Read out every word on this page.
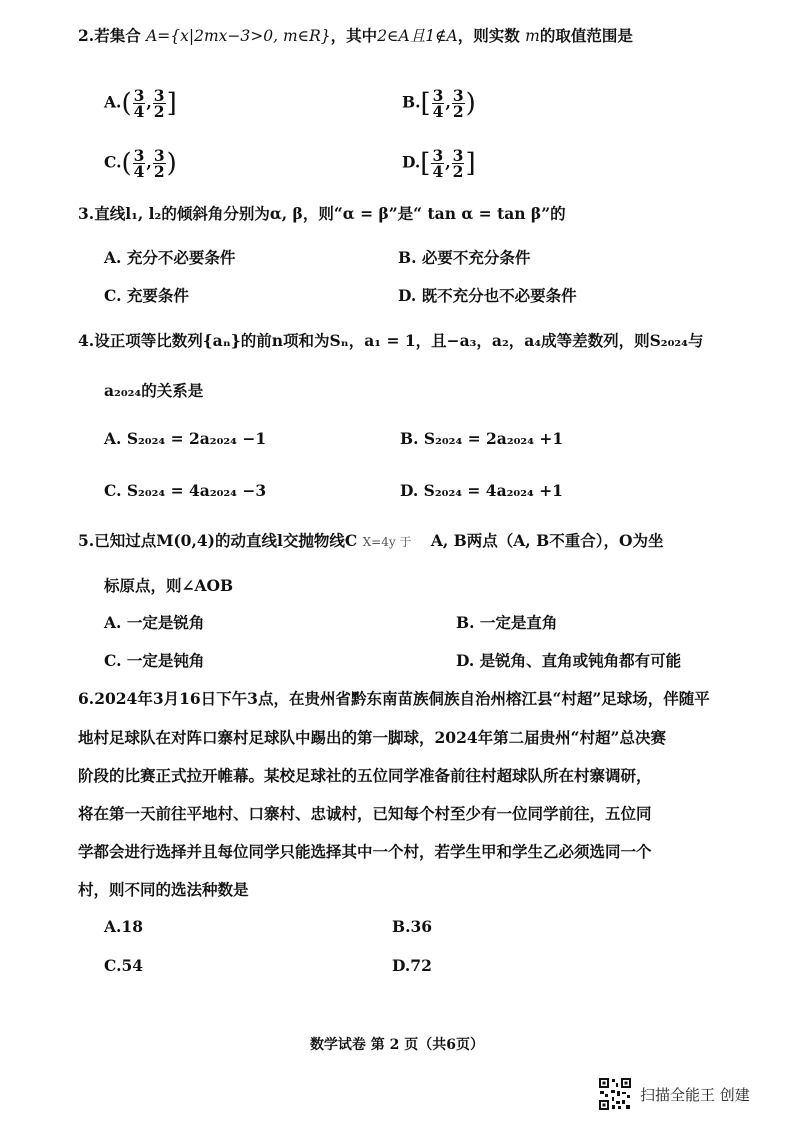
2.若集合 A={x|2mx−3>0, m∈R}，其中2∈A且1∉A，则实数 m的取值范围是
$A.( \frac{3}{4}$ , $\frac{3}{2}$ ]	$B.[ \frac{3}{4}$ , $\frac{3}{2}$ )
$C.( \frac{3}{4}$ , $\frac{3}{2}$ )	$D.[ \frac{3}{4}$ , $\frac{3}{2}$ ]
3.直线l₁, l₂的倾斜角分别为α, β，则“α = β”是“ tan α = tan β”的
A. 充分不必要条件	B. 必要不充分条件
C. 充要条件	D. 既不充分也不必要条件
4.设正项等比数列{aₙ}的前n项和为Sₙ，a₁ = 1，且−a₃，a₂，a₄成等差数列，则S₂₀₂₄与
a₂₀₂₄的关系是
A. S₂₀₂₄ = 2a₂₀₂₄ −1	B. S₂₀₂₄ = 2a₂₀₂₄ +1
C. S₂₀₂₄ = 4a₂₀₂₄ −3	D. S₂₀₂₄ = 4a₂₀₂₄ +1
5.已知过点M(0,4)的动直线l交抛物线C X=4y 于 A, B两点（A, B不重合），O为坐
标原点，则∠AOB
A. 一定是锐角	B. 一定是直角
C. 一定是钝角	D. 是锐角、直角或钝角都有可能
6.2024年3月16日下午3点，在贵州省黔东南苗族侗族自治州榕江县“村超”足球场，伴随平
地村足球队在对阵口寨村足球队中踢出的第一脚球，2024年第二届贵州“村超”总决赛
阶段的比赛正式拉开帷幕。某校足球社的五位同学准备前往村超球队所在村寨调研，
将在第一天前往平地村、口寨村、忠诚村，已知每个村至少有一位同学前往，五位同
学都会进行选择并且每位同学只能选择其中一个村，若学生甲和学生乙必须选同一个
村，则不同的选法种数是
A.18	B.36
C.54	D.72
数学试卷 第 2 页（共6页）
扫描全能王 创建
